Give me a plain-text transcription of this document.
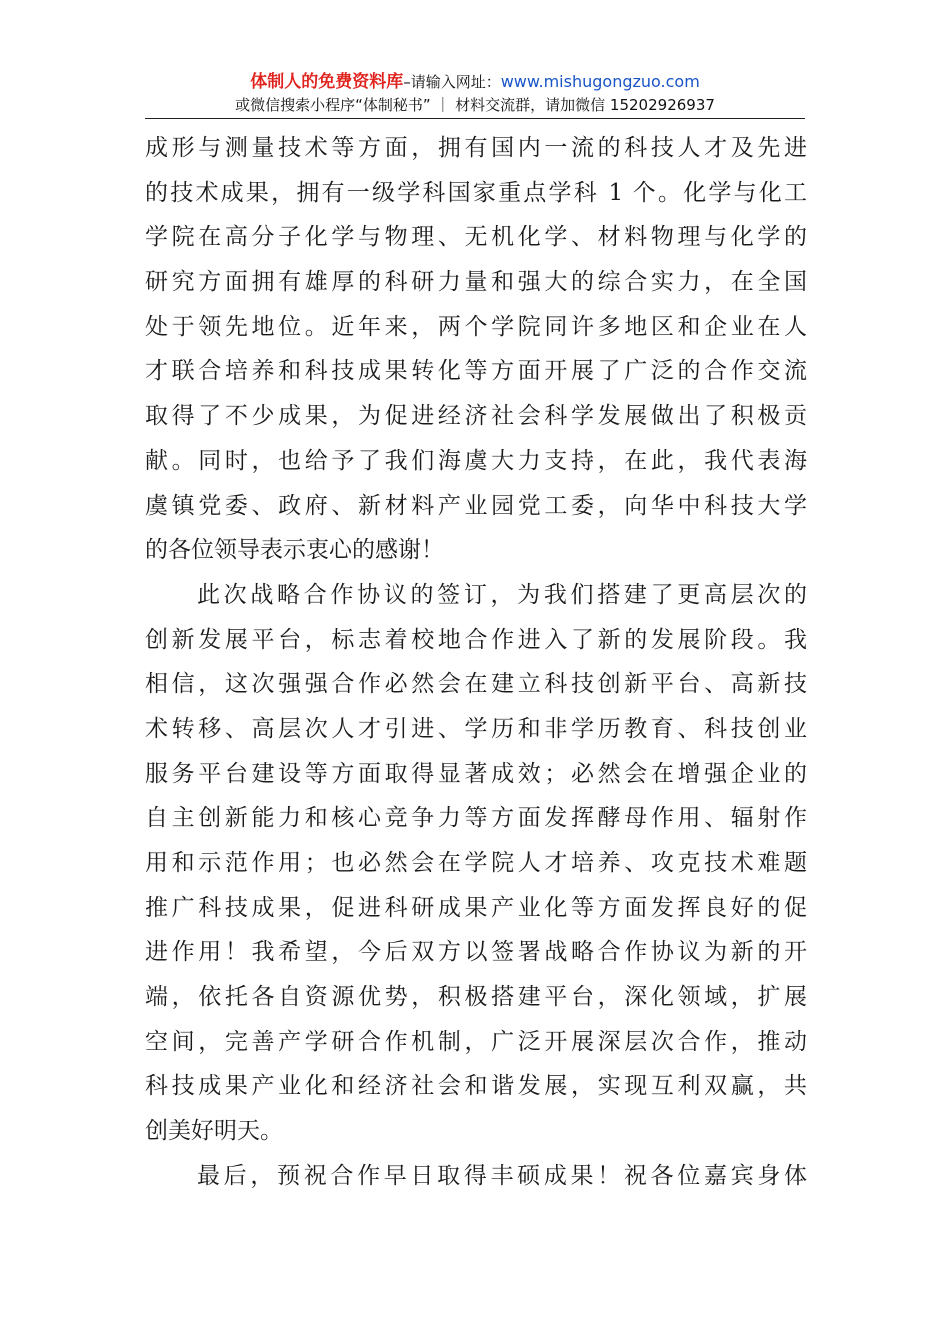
体制人的免费资料库–请输入网址：www.mishugongzuo.com
或微信搜索小程序“体制秘书” ｜ 材料交流群，请加微信 15202926937
成形与测量技术等方面，拥有国内一流的科技人才及先进
的技术成果，拥有一级学科国家重点学科 1 个。化学与化工
学院在高分子化学与物理、无机化学、材料物理与化学的
研究方面拥有雄厚的科研力量和强大的综合实力，在全国
处于领先地位。近年来，两个学院同许多地区和企业在人
才联合培养和科技成果转化等方面开展了广泛的合作交流
取得了不少成果，为促进经济社会科学发展做出了积极贡
献。同时，也给予了我们海虞大力支持，在此，我代表海
虞镇党委、政府、新材料产业园党工委，向华中科技大学
的各位领导表示衷心的感谢！
此次战略合作协议的签订，为我们搭建了更高层次的
创新发展平台，标志着校地合作进入了新的发展阶段。我
相信，这次强强合作必然会在建立科技创新平台、高新技
术转移、高层次人才引进、学历和非学历教育、科技创业
服务平台建设等方面取得显著成效；必然会在增强企业的
自主创新能力和核心竞争力等方面发挥酵母作用、辐射作
用和示范作用；也必然会在学院人才培养、攻克技术难题
推广科技成果，促进科研成果产业化等方面发挥良好的促
进作用！我希望，今后双方以签署战略合作协议为新的开
端，依托各自资源优势，积极搭建平台，深化领域，扩展
空间，完善产学研合作机制，广泛开展深层次合作，推动
科技成果产业化和经济社会和谐发展，实现互利双赢，共
创美好明天。
最后，预祝合作早日取得丰硕成果！祝各位嘉宾身体
